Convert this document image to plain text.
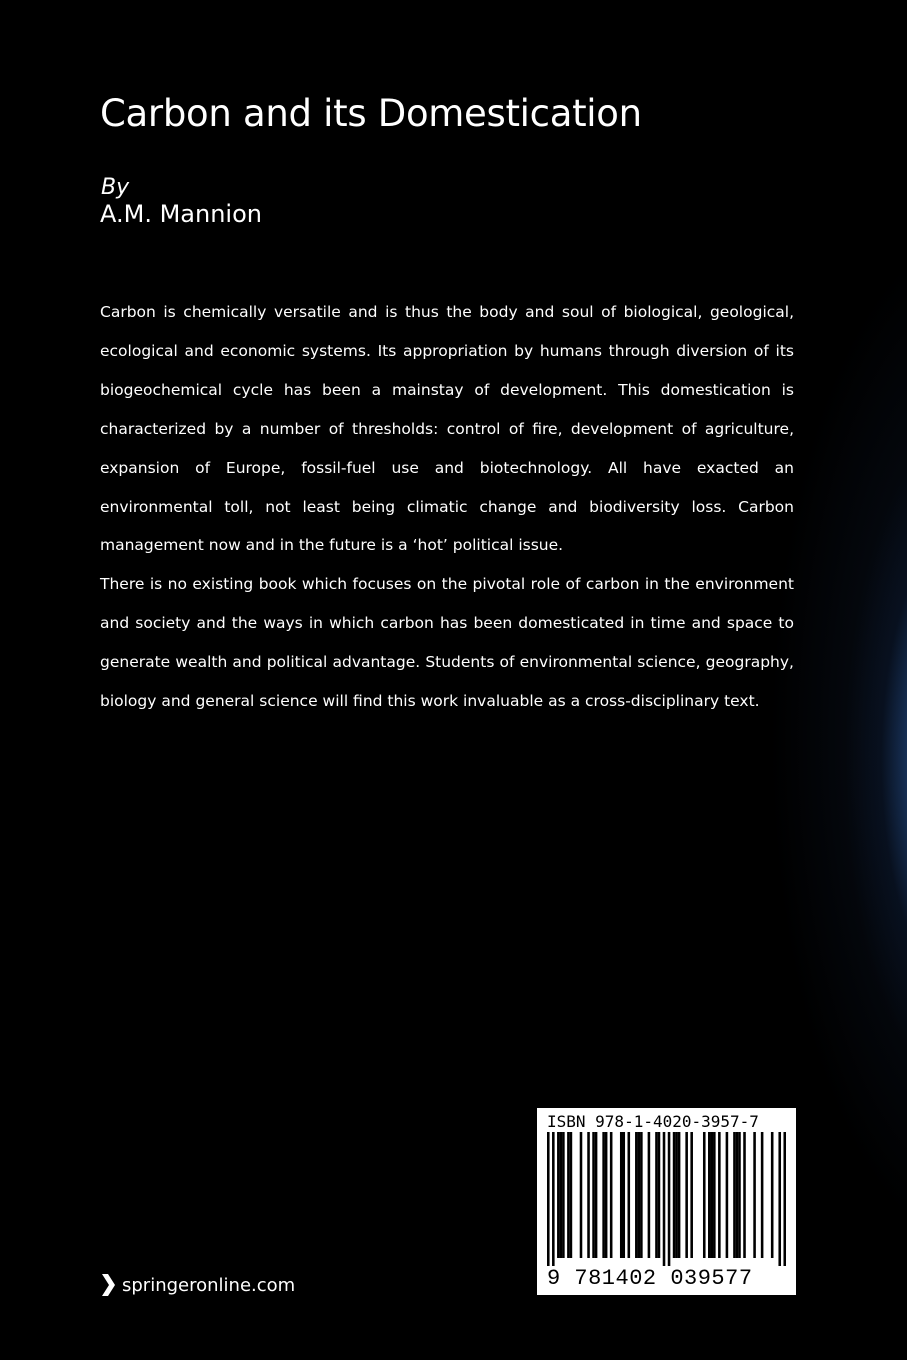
Carbon and its Domestication
By
A.M. Mannion

Carbon is chemically versatile and is thus the body and soul of biological, geological, ecological and economic systems. Its appropriation by humans through diversion of its biogeochemical cycle has been a mainstay of development. This domestication is characterized by a number of thresholds: control of fire, development of agriculture, expansion of Europe, fossil-fuel use and biotechnology. All have exacted an environmental toll, not least being climatic change and biodiversity loss. Carbon management now and in the future is a ‘hot’ political issue.

There is no existing book which focuses on the pivotal role of carbon in the environment and society and the ways in which carbon has been domesticated in time and space to generate wealth and political advantage. Students of environmental science, geography, biology and general science will find this work invaluable as a cross-disciplinary text.

springeronline.com
ISBN 978-1-4020-3957-7
9 781402 039577
